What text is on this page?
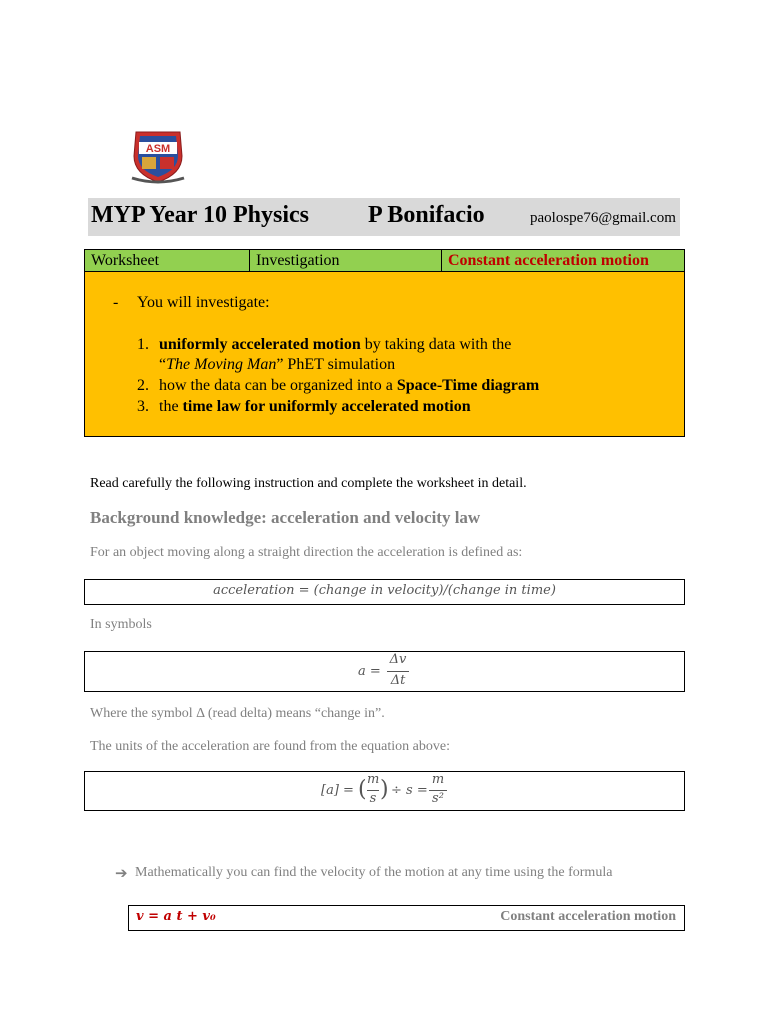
ASM
MYP Year 10 Physics P Bonifacio	paolospe76@gmail.com
Worksheet	Investigation	Constant acceleration motion
- You will investigate:
1. uniformly accelerated motion by taking data with the
“The Moving Man” PhET simulation
2. how the data can be organized into a Space-Time diagram
3. the time law for uniformly accelerated motion
Read carefully the following instruction and complete the worksheet in detail.
Background knowledge: acceleration and velocity law
For an object moving along a straight direction the acceleration is defined as:
acceleration = (change in velocity)/(change in time)
In symbols
a =
Δv
Δt
Where the symbol Δ (read delta) means “change in”.
The units of the acceleration are found from the equation above:
[a] = ( m
s ) ÷ s =
m
s²
➔ Mathematically you can find the velocity of the motion at any time using the formula
v = a t + v₀	Constant acceleration motion
